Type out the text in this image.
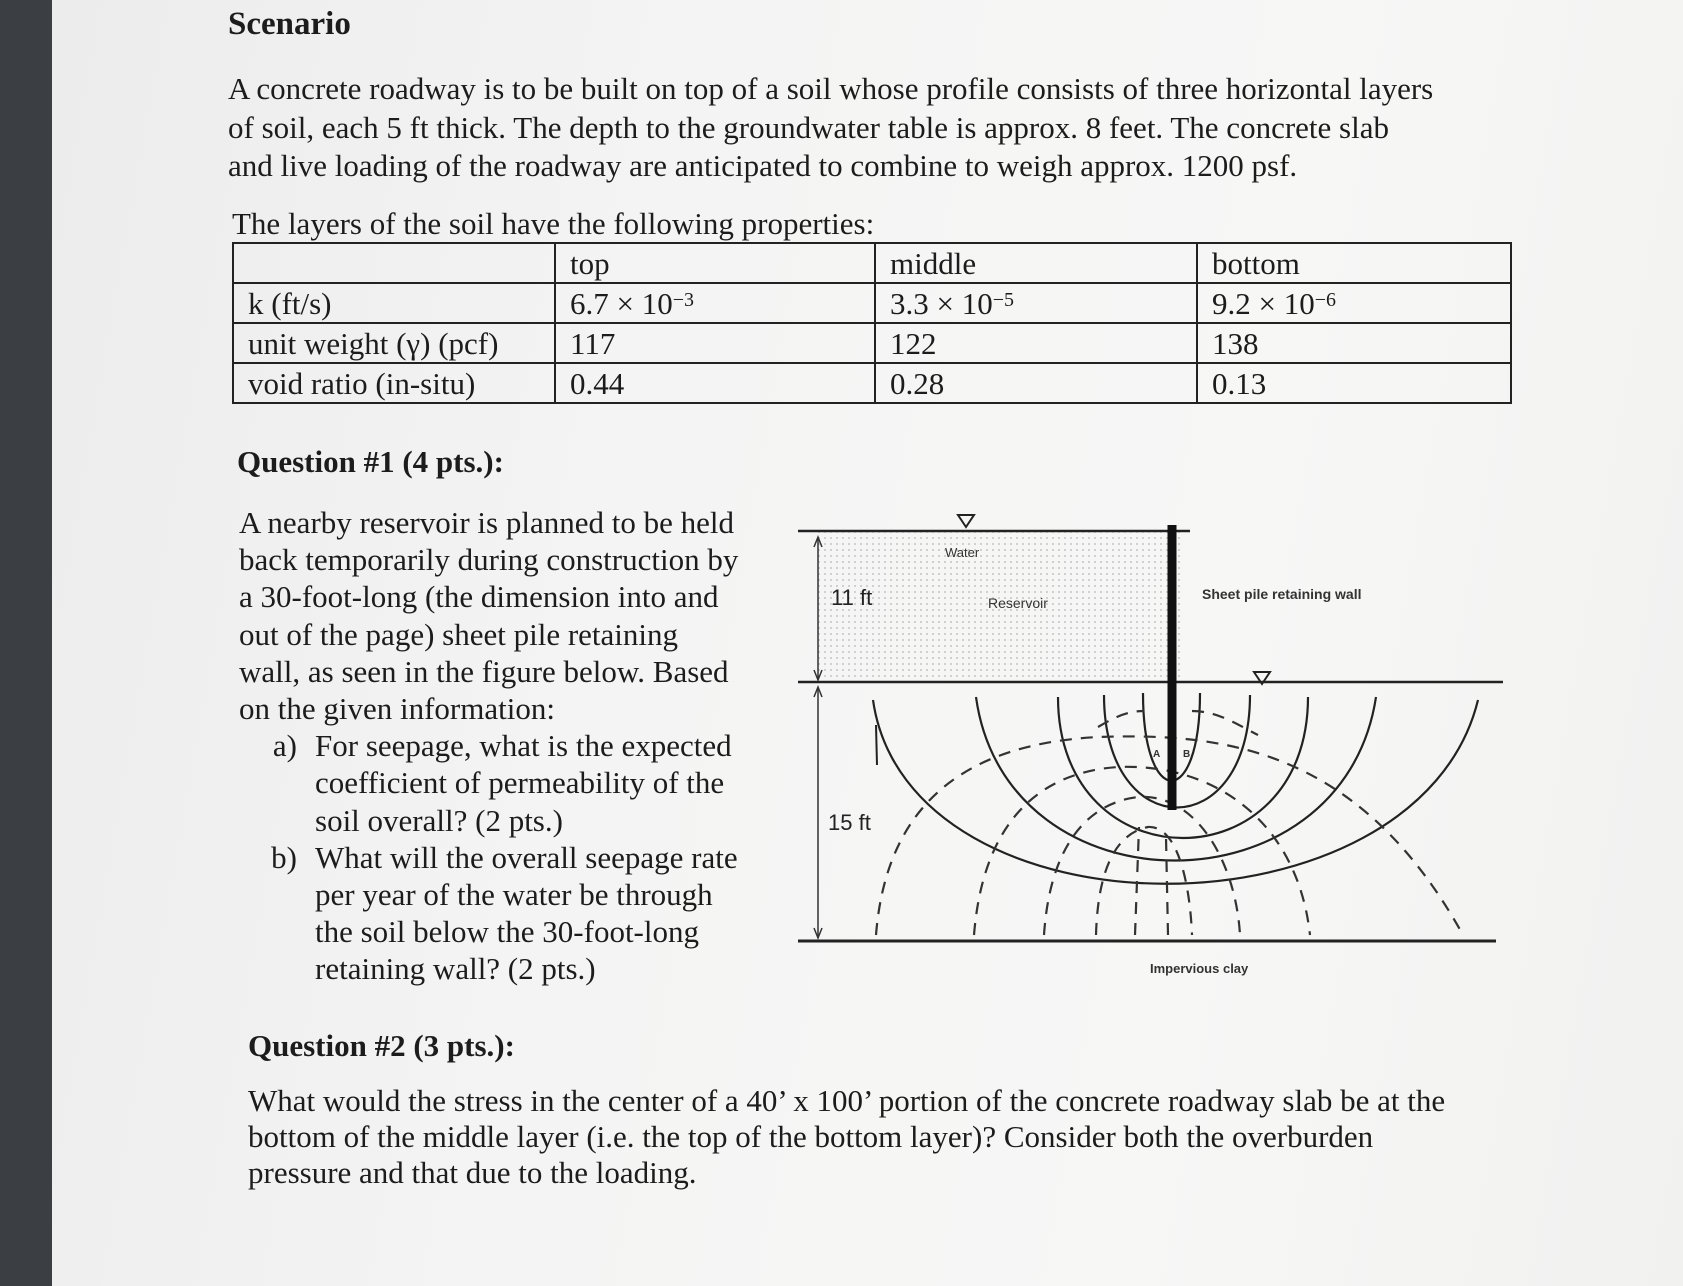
Scenario
A concrete roadway is to be built on top of a soil whose profile consists of three horizontal layers
of soil, each 5 ft thick. The depth to the groundwater table is approx. 8 feet. The concrete slab
and live loading of the roadway are anticipated to combine to weigh approx. 1200 psf.
The layers of the soil have the following properties:
	top	middle	bottom
k (ft/s)	$6.7 \times 10^{-3}$	$3.3 \times 10^{-5}$	$9.2 \times 10^{-6}$
unit weight (γ) (pcf)	117	122	138
void ratio (in-situ)	0.44	0.28	0.13
Question #1 (4 pts.):
A nearby reservoir is planned to be held
back temporarily during construction by
a 30-foot-long (the dimension into and
out of the page) sheet pile retaining
wall, as seen in the figure below. Based
on the given information:
a) For seepage, what is the expected
coefficient of permeability of the
soil overall? (2 pts.)
b) What will the overall seepage rate
per year of the water be through
the soil below the 30-foot-long
retaining wall? (2 pts.)
11 ft
15 ft
Water
Reservoir
Sheet pile retaining wall
Impervious clay
A B
Question #2 (3 pts.):
What would the stress in the center of a 40’ x 100’ portion of the concrete roadway slab be at the
bottom of the middle layer (i.e. the top of the bottom layer)? Consider both the overburden
pressure and that due to the loading.
